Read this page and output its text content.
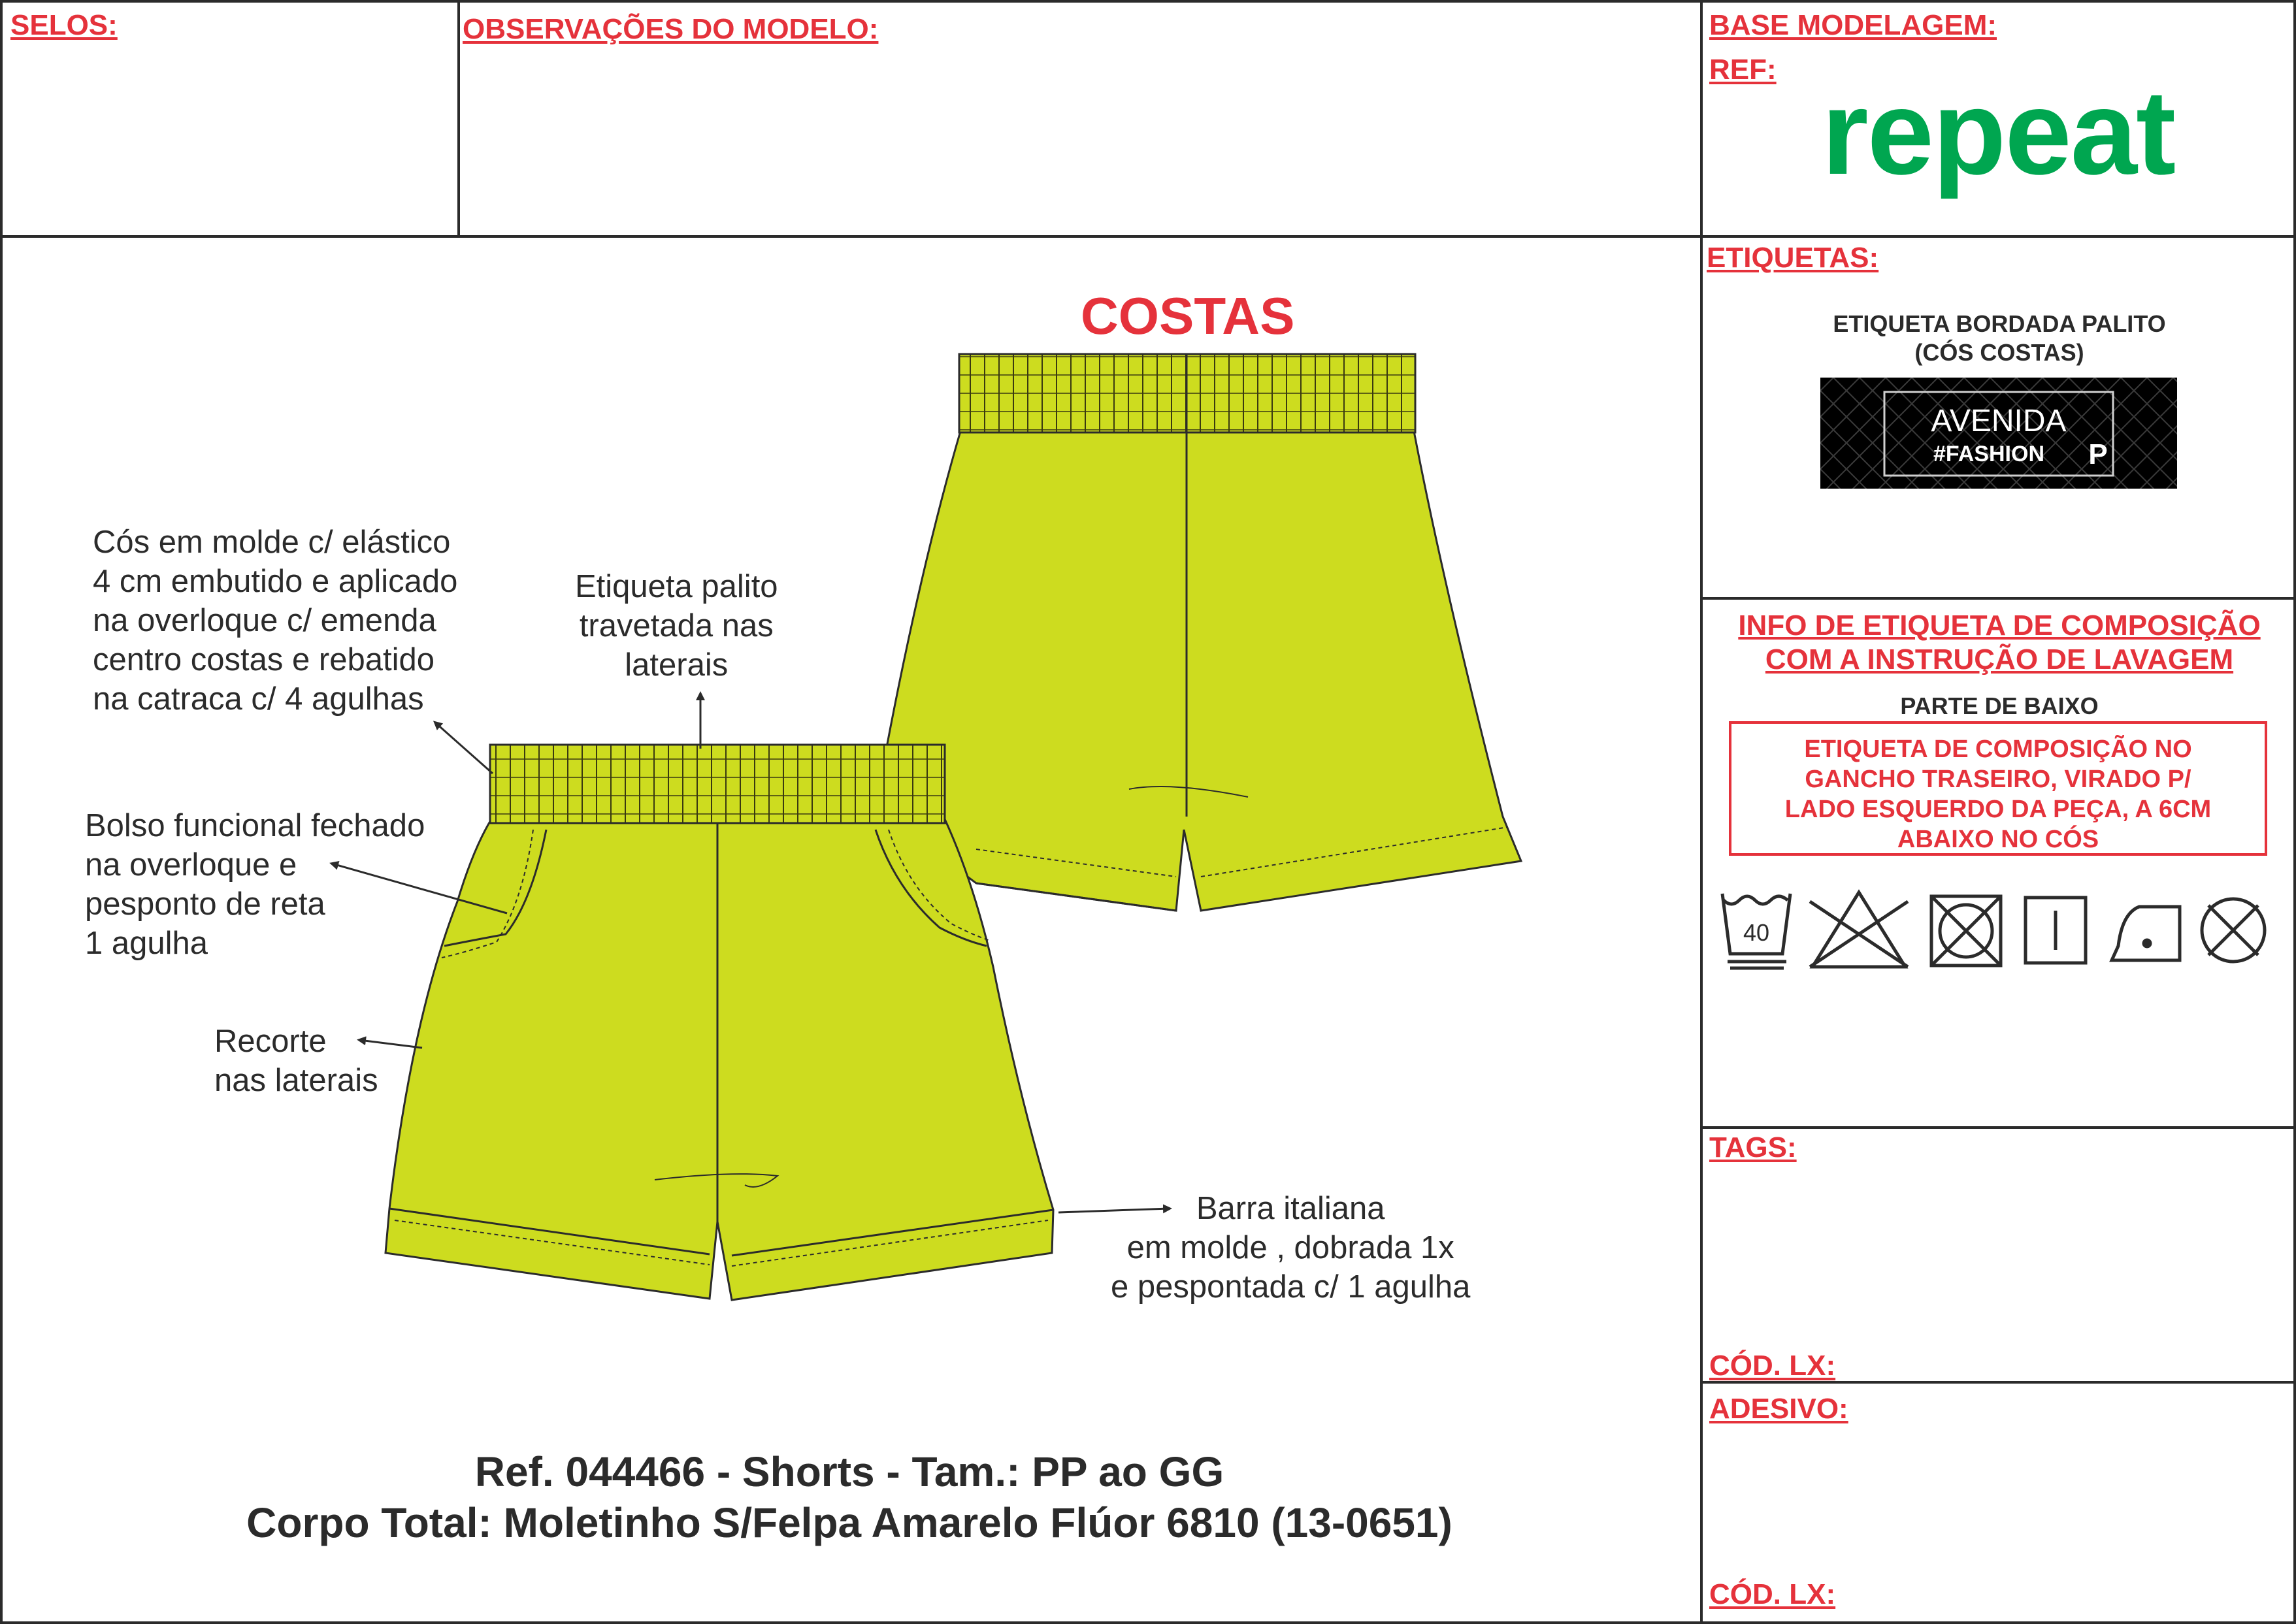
SELOS:	OBSERVAÇÕES DO MODELO:	BASE MODELAGEM:
REF: repeat
ETIQUETAS:
ETIQUETA BORDADA PALITO
(CÓS COSTAS)
AVENIDA
#FASHION P
INFO DE ETIQUETA DE COMPOSIÇÃO
COM A INSTRUÇÃO DE LAVAGEM
PARTE DE BAIXO
ETIQUETA DE COMPOSIÇÃO NO
GANCHO TRASEIRO, VIRADO P/
LADO ESQUERDO DA PEÇA, A 6CM
ABAIXO NO CÓS
40
TAGS:
CÓD. LX:
ADESIVO:
CÓD. LX:
COSTAS
Cós em molde c/ elástico
4 cm embutido e aplicado
na overloque c/ emenda
centro costas e rebatido
na catraca c/ 4 agulhas
Etiqueta palito
travetada nas
laterais
Bolso funcional fechado
na overloque e
pesponto de reta
1 agulha
Recorte
nas laterais
Barra italiana
em molde , dobrada 1x
e pespontada c/ 1 agulha
Ref. 044466 - Shorts - Tam.: PP ao GG
Corpo Total: Moletinho S/Felpa Amarelo Flúor 6810 (13-0651)
